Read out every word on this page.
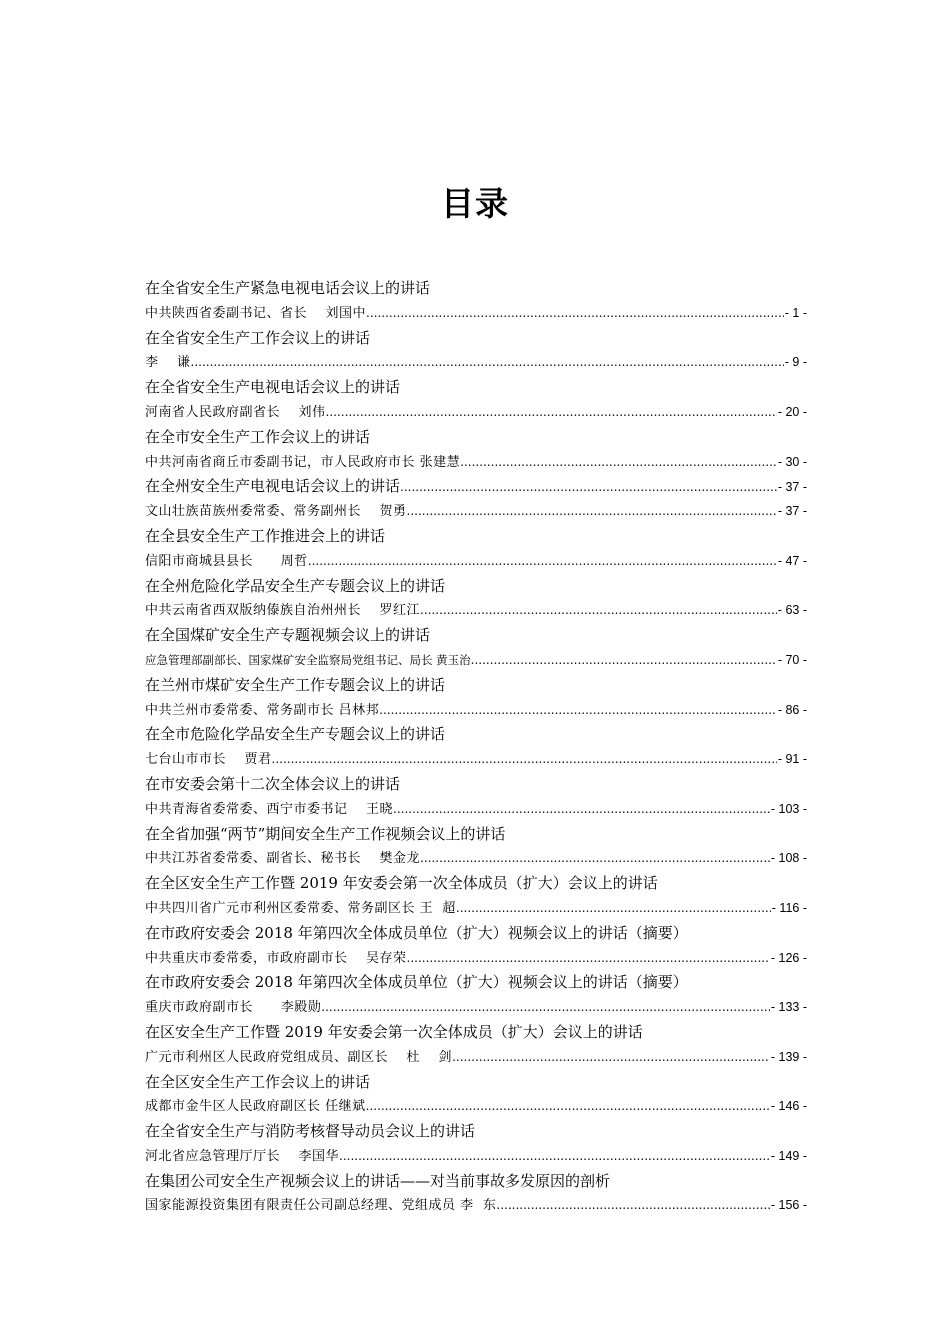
目录
在全省安全生产紧急电视电话会议上的讲话
中共陕西省委副书记、省长    刘国中 .....	- 1 -
在全省安全生产工作会议上的讲话
李    谦 .....	- 9 -
在全省安全生产电视电话会议上的讲话
河南省人民政府副省长    刘伟 .....	- 20 -
在全市安全生产工作会议上的讲话
中共河南省商丘市委副书记，市人民政府市长 张建慧 .....	- 30 -
在全州安全生产电视电话会议上的讲话 .....	- 37 -
文山壮族苗族州委常委、常务副州长    贺勇 .....	- 37 -
在全县安全生产工作推进会上的讲话
信阳市商城县县长      周哲 .....	- 47 -
在全州危险化学品安全生产专题会议上的讲话
中共云南省西双版纳傣族自治州州长    罗红江 .....	- 63 -
在全国煤矿安全生产专题视频会议上的讲话
应急管理部副部长、国家煤矿安全监察局党组书记、局长 黄玉治 .....	- 70 -
在兰州市煤矿安全生产工作专题会议上的讲话
中共兰州市委常委、常务副市长 吕林邦 .....	- 86 -
在全市危险化学品安全生产专题会议上的讲话
七台山市市长    贾君 .....	- 91 -
在市安委会第十二次全体会议上的讲话
中共青海省委常委、西宁市委书记    王晓 .....	- 103 -
在全省加强“两节”期间安全生产工作视频会议上的讲话
中共江苏省委常委、副省长、秘书长    樊金龙 .....	- 108 -
在全区安全生产工作暨 2019 年安委会第一次全体成员（扩大）会议上的讲话
中共四川省广元市利州区委常委、常务副区长 王  超 .....	- 116 -
在市政府安委会 2018 年第四次全体成员单位（扩大）视频会议上的讲话（摘要）
中共重庆市委常委，市政府副市长    吴存荣 .....	- 126 -
在市政府安委会 2018 年第四次全体成员单位（扩大）视频会议上的讲话（摘要）
重庆市政府副市长      李殿勋 .....	- 133 -
在区安全生产工作暨 2019 年安委会第一次全体成员（扩大）会议上的讲话
广元市利州区人民政府党组成员、副区长    杜    剑 .....	- 139 -
在全区安全生产工作会议上的讲话
成都市金牛区人民政府副区长 任继斌 .....	- 146 -
在全省安全生产与消防考核督导动员会议上的讲话
河北省应急管理厅厅长    李国华 .....	- 149 -
在集团公司安全生产视频会议上的讲话——对当前事故多发原因的剖析
国家能源投资集团有限责任公司副总经理、党组成员 李  东 .....	- 156 -
